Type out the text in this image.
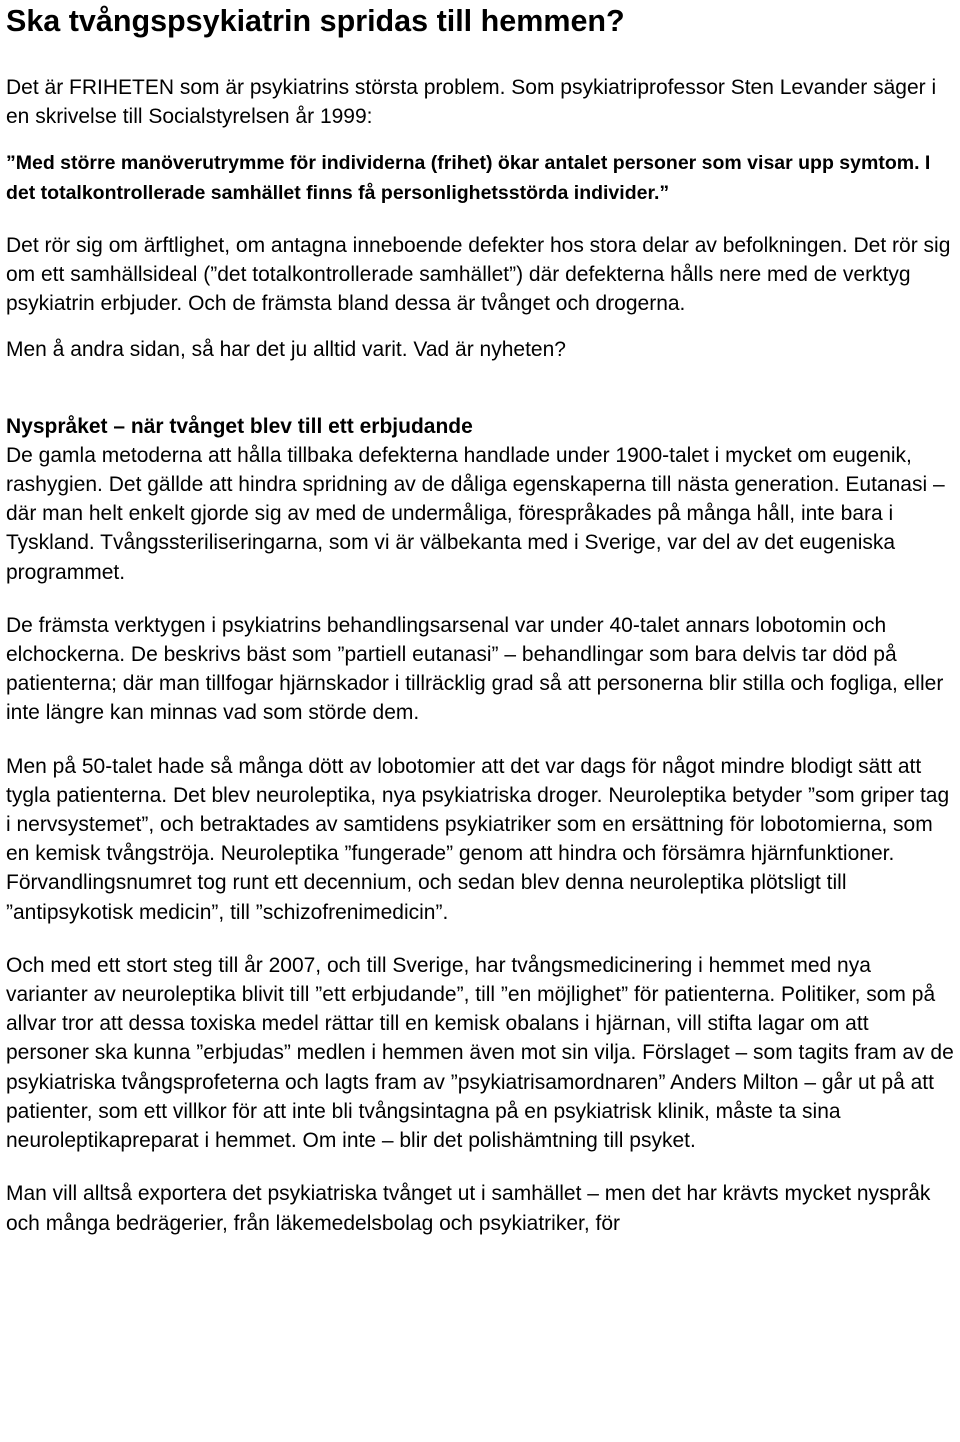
Ska tvångspsykiatrin spridas till hemmen?

Det är FRIHETEN som är psykiatrins största problem. Som psykiatriprofessor Sten Levander säger i en skrivelse till Socialstyrelsen år 1999:

”Med större manöverutrymme för individerna (frihet) ökar antalet personer som visar upp symtom. I det totalkontrollerade samhället finns få personlighetsstörda individer.”

Det rör sig om ärftlighet, om antagna inneboende defekter hos stora delar av befolkningen. Det rör sig om ett samhällsideal (”det totalkontrollerade samhället”) där defekterna hålls nere med de verktyg psykiatrin erbjuder. Och de främsta bland dessa är tvånget och drogerna.

Men å andra sidan, så har det ju alltid varit. Vad är nyheten?

Nyspråket – när tvånget blev till ett erbjudande

De gamla metoderna att hålla tillbaka defekterna handlade under 1900-talet i mycket om eugenik, rashygien. Det gällde att hindra spridning av de dåliga egenskaperna till nästa generation. Eutanasi – där man helt enkelt gjorde sig av med de undermåliga, förespråkades på många håll, inte bara i Tyskland. Tvångssteriliseringarna, som vi är välbekanta med i Sverige, var del av det eugeniska programmet.

De främsta verktygen i psykiatrins behandlingsarsenal var under 40-talet annars lobotomin och elchockerna. De beskrivs bäst som ”partiell eutanasi” – behandlingar som bara delvis tar död på patienterna; där man tillfogar hjärnskador i tillräcklig grad så att personerna blir stilla och fogliga, eller inte längre kan minnas vad som störde dem.

Men på 50-talet hade så många dött av lobotomier att det var dags för något mindre blodigt sätt att tygla patienterna. Det blev neuroleptika, nya psykiatriska droger. Neuroleptika betyder ”som griper tag i nervsystemet”, och betraktades av samtidens psykiatriker som en ersättning för lobotomierna, som en kemisk tvångströja. Neuroleptika ”fungerade” genom att hindra och försämra hjärnfunktioner. Förvandlingsnumret tog runt ett decennium, och sedan blev denna neuroleptika plötsligt till ”antipsykotisk medicin”, till ”schizofrenimedicin”.

Och med ett stort steg till år 2007, och till Sverige, har tvångsmedicinering i hemmet med nya varianter av neuroleptika blivit till ”ett erbjudande”, till ”en möjlighet” för patienterna. Politiker, som på allvar tror att dessa toxiska medel rättar till en kemisk obalans i hjärnan, vill stifta lagar om att personer ska kunna ”erbjudas” medlen i hemmen även mot sin vilja. Förslaget – som tagits fram av de psykiatriska tvångsprofeterna och lagts fram av ”psykiatrisamordnaren” Anders Milton – går ut på att patienter, som ett villkor för att inte bli tvångsintagna på en psykiatrisk klinik, måste ta sina neuroleptikapreparat i hemmet. Om inte – blir det polishämtning till psyket.

Man vill alltså exportera det psykiatriska tvånget ut i samhället – men det har krävts mycket nyspråk och många bedrägerier, från läkemedelsbolag och psykiatriker, för
